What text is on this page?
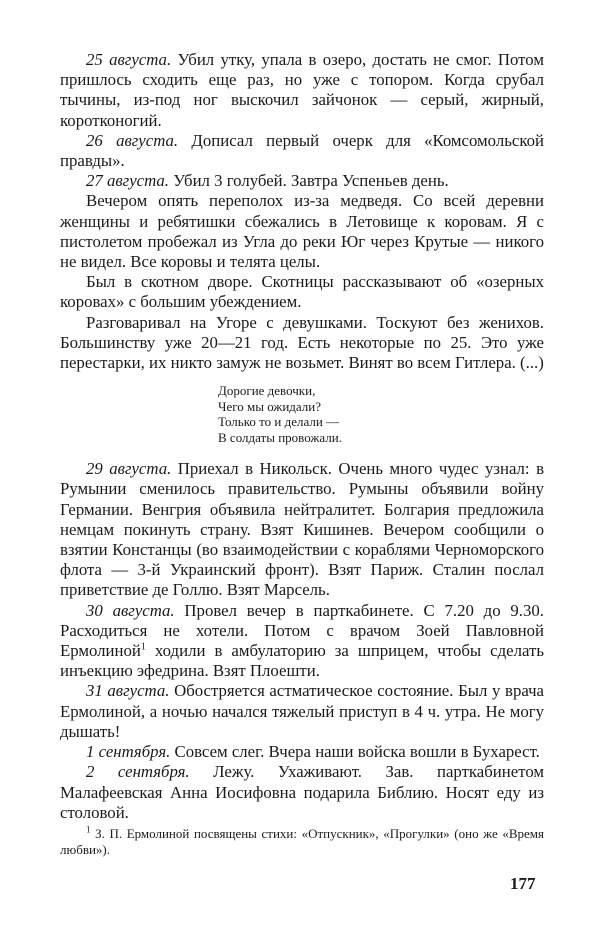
25 августа. Убил утку, упала в озеро, достать не смог. Потом пришлось сходить еще раз, но уже с топором. Когда срубал тычины, из-под ног выскочил зайчонок — серый, жирный, коротконогий.

26 августа. Дописал первый очерк для «Комсомольской правды».

27 августа. Убил 3 голубей. Завтра Успеньев день.

Вечером опять переполох из-за медведя. Со всей деревни женщины и ребятишки сбежались в Летовище к коровам. Я с пистолетом пробежал из Угла до реки Юг через Крутые — никого не видел. Все коровы и телята целы.

Был в скотном дворе. Скотницы рассказывают об «озерных коровах» с большим убеждением.

Разговаривал на Угоре с девушками. Тоскуют без женихов. Большинству уже 20—21 год. Есть некоторые по 25. Это уже перестарки, их никто замуж не возьмет. Винят во всем Гитлера. (...)

Дорогие девочки,
Чего мы ожидали?
Только то и делали —
В солдаты провожали.

29 августа. Приехал в Никольск. Очень много чудес узнал: в Румынии сменилось правительство. Румыны объявили войну Германии. Венгрия объявила нейтралитет. Болгария предложила немцам покинуть страну. Взят Кишинев. Вечером сообщили о взятии Констанцы (во взаимодействии с кораблями Черноморского флота — 3-й Украинский фронт). Взят Париж. Сталин послал приветствие де Голлю. Взят Марсель.

30 августа. Провел вечер в парткабинете. С 7.20 до 9.30. Расходиться не хотели. Потом с врачом Зоей Павловной Ермолиной$^1$ ходили в амбулаторию за шприцем, чтобы сделать инъекцию эфедрина. Взят Плоешти.

31 августа. Обостряется астматическое состояние. Был у врача Ермолиной, а ночью начался тяжелый приступ в 4 ч. утра. Не могу дышать!

1 сентября. Совсем слег. Вчера наши войска вошли в Бухарест.

2 сентября. Лежу. Ухаживают. Зав. парткабинетом Малафеевская Анна Иосифовна подарила Библию. Носят еду из столовой.

$^1$ З. П. Ермолиной посвящены стихи: «Отпускник», «Прогулки» (оно же «Время любви»).
177
